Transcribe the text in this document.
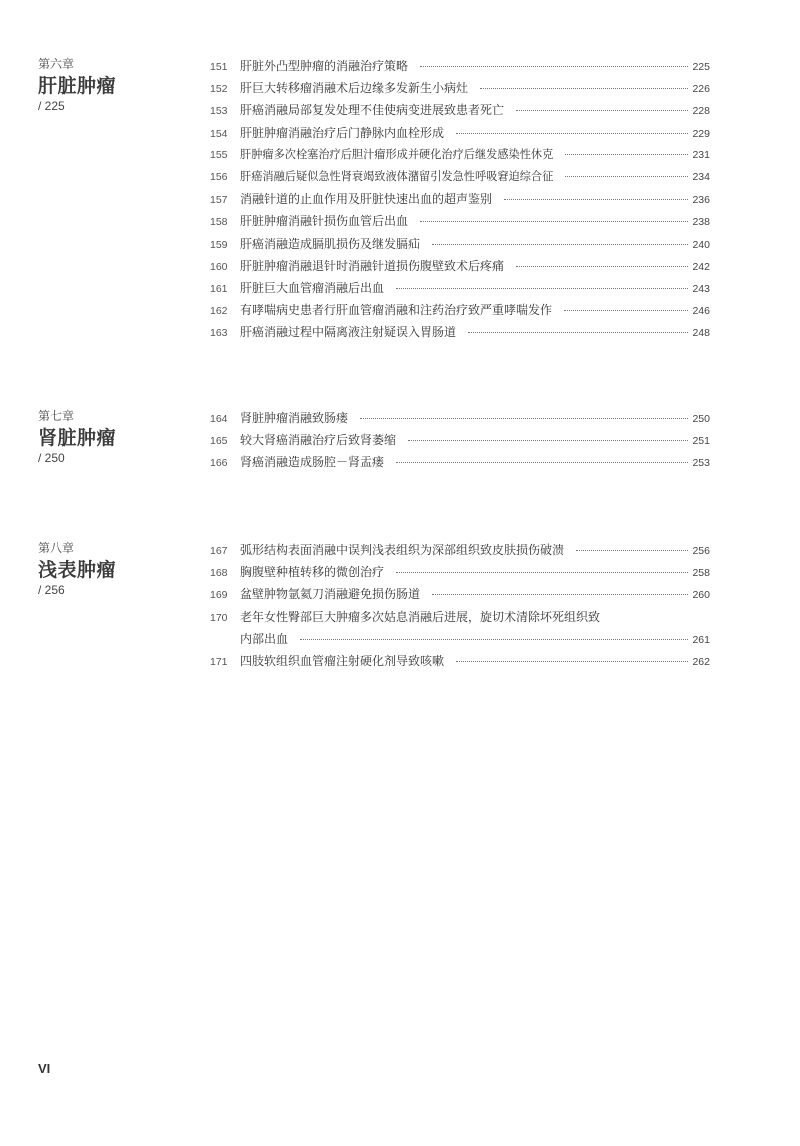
第六章
肝脏肿瘤
/ 225
151	肝脏外凸型肿瘤的消融治疗策略	225
152	肝巨大转移瘤消融术后边缘多发新生小病灶	226
153	肝癌消融局部复发处理不佳使病变进展致患者死亡	228
154	肝脏肿瘤消融治疗后门静脉内血栓形成	229
155	肝肿瘤多次栓塞治疗后胆汁瘤形成并硬化治疗后继发感染性休克	231
156	肝癌消融后疑似急性肾衰竭致液体潴留引发急性呼吸窘迫综合征	234
157	消融针道的止血作用及肝脏快速出血的超声鉴别	236
158	肝脏肿瘤消融针损伤血管后出血	238
159	肝癌消融造成膈肌损伤及继发膈疝	240
160	肝脏肿瘤消融退针时消融针道损伤腹壁致术后疼痛	242
161	肝脏巨大血管瘤消融后出血	243
162	有哮喘病史患者行肝血管瘤消融和注药治疗致严重哮喘发作	246
163	肝癌消融过程中隔离液注射疑误入胃肠道	248
第七章
肾脏肿瘤
/ 250
164	肾脏肿瘤消融致肠瘘	250
165	较大肾癌消融治疗后致肾萎缩	251
166	肾癌消融造成肠腔－肾盂瘘	253
第八章
浅表肿瘤
/ 256
167	弧形结构表面消融中误判浅表组织为深部组织致皮肤损伤破溃	256
168	胸腹壁种植转移的微创治疗	258
169	盆壁肿物氩氦刀消融避免损伤肠道	260
170	老年女性臀部巨大肿瘤多次姑息消融后进展，旋切术清除坏死组织致
内部出血	261
171	四肢软组织血管瘤注射硬化剂导致咳嗽	262
VI
